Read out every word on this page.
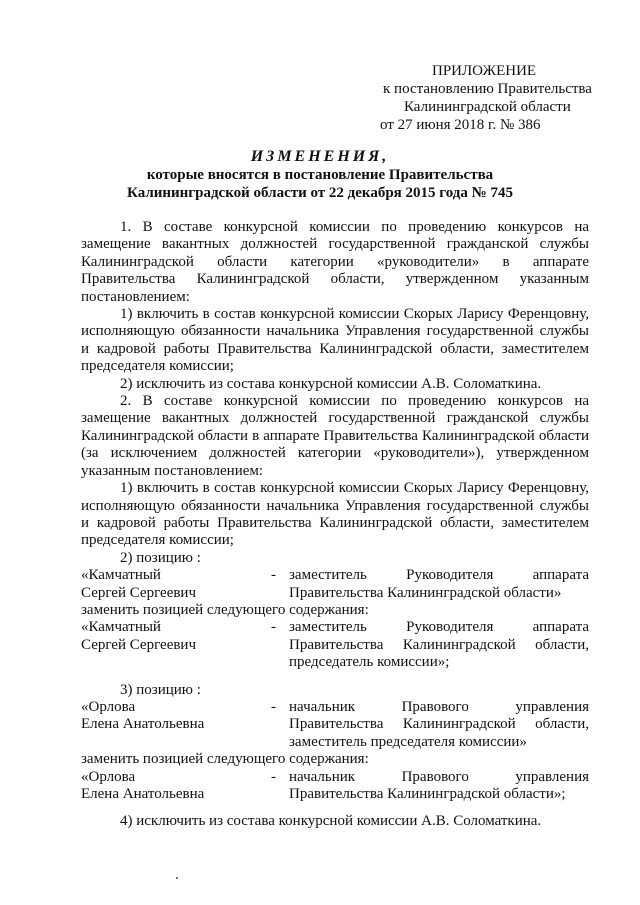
ПРИЛОЖЕНИЕ
к постановлению Правительства
Калининградской области
от 27 июня 2018 г. № 386
ИЗМЕНЕНИЯ,
которые вносятся в постановление Правительства
Калининградской области от 22 декабря 2015 года № 745

1. В составе конкурсной комиссии по проведению конкурсов на замещение вакантных должностей государственной гражданской службы Калининградской области категории «руководители» в аппарате Правительства Калининградской области, утвержденном указанным постановлением:

1) включить в состав конкурсной комиссии Скорых Ларису Ференцовну, исполняющую обязанности начальника Управления государственной службы и кадровой работы Правительства Калининградской области, заместителем председателя комиссии;

2) исключить из состава конкурсной комиссии А.В. Соломаткина.

2. В составе конкурсной комиссии по проведению конкурсов на замещение вакантных должностей государственной гражданской службы Калининградской области в аппарате Правительства Калининградской области (за исключением должностей категории «руководители»), утвержденном указанным постановлением:

1) включить в состав конкурсной комиссии Скорых Ларису Ференцовну, исполняющую обязанности начальника Управления государственной службы и кадровой работы Правительства Калининградской области, заместителем председателя комиссии;

2) позицию :

«Камчатный
Сергей Сергеевич
- заместитель Руководителя аппарата Правительства Калининградской области»

заменить позицией следующего содержания:

«Камчатный
Сергей Сергеевич
- заместитель Руководителя аппарата Правительства Калининградской области, председатель комиссии»;

3) позицию :

«Орлова
Елена Анатольевна
- начальник Правового управления Правительства Калининградской области, заместитель председателя комиссии»

заменить позицией следующего содержания:

«Орлова
Елена Анатольевна
- начальник Правового управления Правительства Калининградской области»;

4) исключить из состава конкурсной комиссии А.В. Соломаткина.
